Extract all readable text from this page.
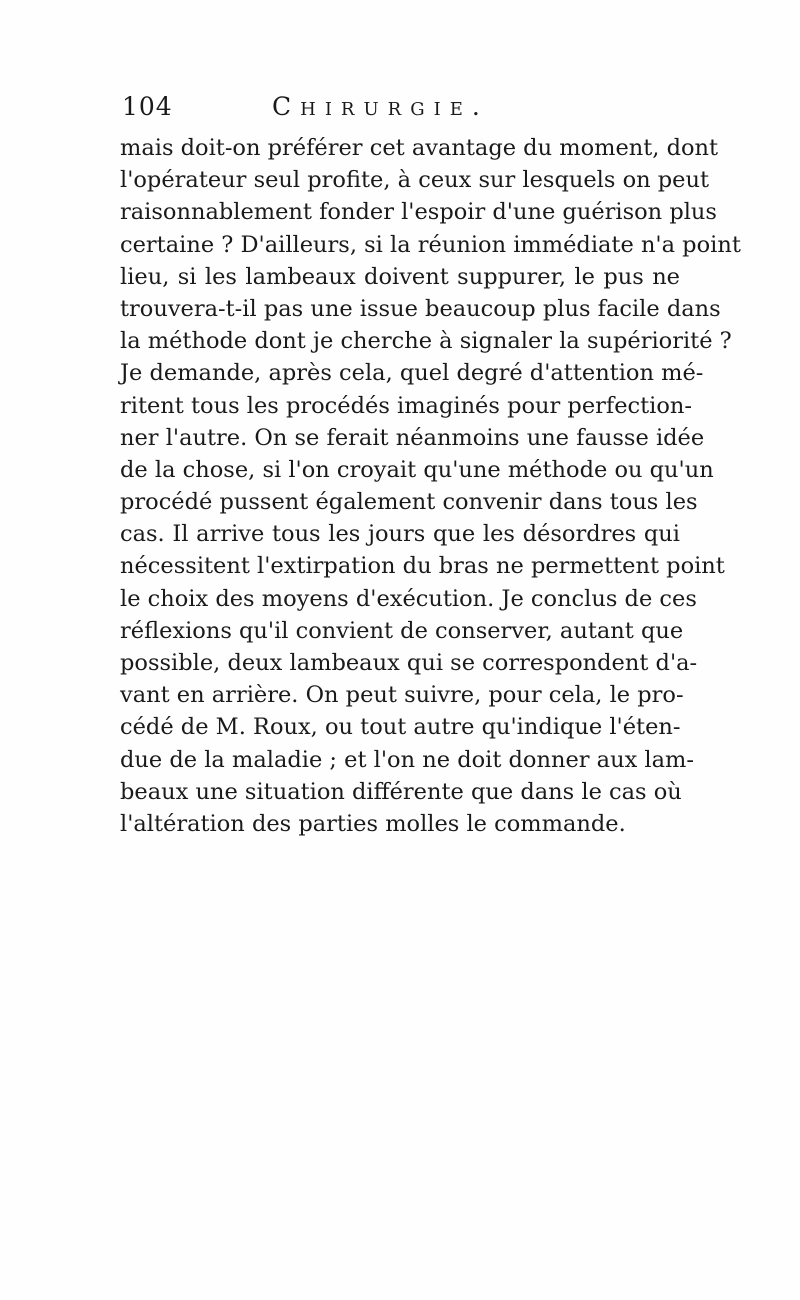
104	Chirurgie.
mais doit-on préférer cet avantage du moment, dont
l'opérateur seul profite, à ceux sur lesquels on peut
raisonnablement fonder l'espoir d'une guérison plus
certaine ? D'ailleurs, si la réunion immédiate n'a point
lieu, si les lambeaux doivent suppurer, le pus ne
trouvera-t-il pas une issue beaucoup plus facile dans
la méthode dont je cherche à signaler la supériorité ?
Je demande, après cela, quel degré d'attention mé-
ritent tous les procédés imaginés pour perfection-
ner l'autre. On se ferait néanmoins une fausse idée
de la chose, si l'on croyait qu'une méthode ou qu'un
procédé pussent également convenir dans tous les
cas. Il arrive tous les jours que les désordres qui
nécessitent l'extirpation du bras ne permettent point
le choix des moyens d'exécution. Je conclus de ces
réflexions qu'il convient de conserver, autant que
possible, deux lambeaux qui se correspondent d'a-
vant en arrière. On peut suivre, pour cela, le pro-
cédé de M. Roux, ou tout autre qu'indique l'éten-
due de la maladie ; et l'on ne doit donner aux lam-
beaux une situation différente que dans le cas où
l'altération des parties molles le commande.
